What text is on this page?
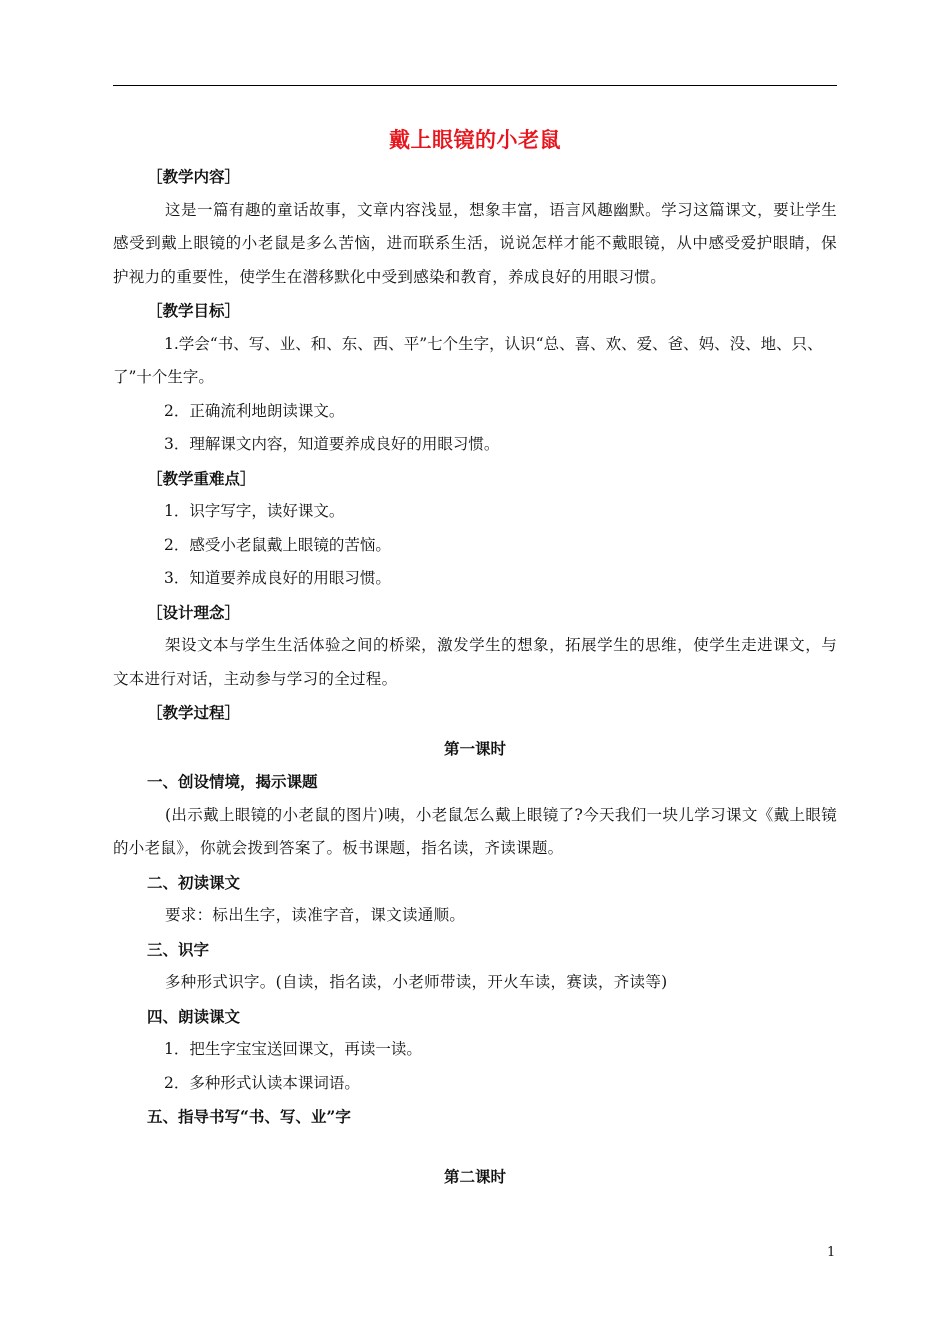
戴上眼镜的小老鼠

［教学内容］

这是一篇有趣的童话故事，文章内容浅显，想象丰富，语言风趣幽默。学习这篇课文，要让学生感受到戴上眼镜的小老鼠是多么苦恼，进而联系生活，说说怎样才能不戴眼镜，从中感受爱护眼睛，保护视力的重要性，使学生在潜移默化中受到感染和教育，养成良好的用眼习惯。

［教学目标］

1.学会“书、写、业、和、东、西、平”七个生字，认识“总、喜、欢、爱、爸、妈、没、地、只、了”十个生字。

2．正确流利地朗读课文。

3．理解课文内容，知道要养成良好的用眼习惯。

［教学重难点］

1．识字写字，读好课文。

2．感受小老鼠戴上眼镜的苦恼。

3．知道要养成良好的用眼习惯。

［设计理念］

架设文本与学生生活体验之间的桥梁，激发学生的想象，拓展学生的思维，使学生走进课文，与文本进行对话，主动参与学习的全过程。

［教学过程］

第一课时

一、创设情境，揭示课题

(出示戴上眼镜的小老鼠的图片)咦，小老鼠怎么戴上眼镜了?今天我们一块儿学习课文《戴上眼镜的小老鼠》，你就会拨到答案了。板书课题，指名读，齐读课题。

二、初读课文

要求：标出生字，读准字音，课文读通顺。

三、识字

多种形式识字。(自读，指名读，小老师带读，开火车读，赛读，齐读等)

四、朗读课文

1．把生字宝宝送回课文，再读一读。

2．多种形式认读本课词语。

五、指导书写“书、写、业”字

第二课时

1
